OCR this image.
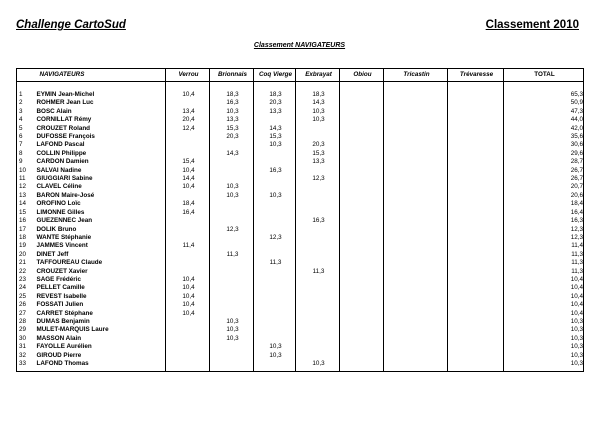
Challenge CartoSud	Classement 2010
Classement NAVIGATEURS
	NAVIGATEURS	Verrou	Brionnais	Coq Vierge	Exbrayat	Obiou	Tricastin	Trévaresse	TOTAL

1	EYMIN Jean-Michel	10,4	18,3	18,3	18,3				65,3
2	ROHMER Jean Luc		16,3	20,3	14,3				50,9
3	BOSC Alain	13,4	10,3	13,3	10,3				47,3
4	CORNILLAT Rémy	20,4	13,3		10,3				44,0
5	CROUZET Roland	12,4	15,3	14,3					42,0
6	DUFOSSE François		20,3	15,3					35,6
7	LAFOND Pascal			10,3	20,3				30,6
8	COLLIN Philippe		14,3		15,3				29,6
9	CARDON Damien	15,4			13,3				28,7
10	SALVAI Nadine	10,4		16,3					26,7
11	GIUGGIARI Sabine	14,4			12,3				26,7
12	CLAVEL Céline	10,4	10,3						20,7
13	BARON Maire-José		10,3	10,3					20,6
14	OROFINO Loïc	18,4							18,4
15	LIMONNE Gilles	16,4							16,4
16	GUEZENNEC Jean				16,3				16,3
17	DOLIK Bruno		12,3						12,3
18	WANTE Stéphanie			12,3					12,3
19	JAMMES Vincent	11,4							11,4
20	DINET Jeff		11,3						11,3
21	TAFFOUREAU Claude			11,3					11,3
22	CROUZET Xavier				11,3				11,3
23	SAGE Frédéric	10,4							10,4
24	PELLET Camille	10,4							10,4
25	REVEST Isabelle	10,4							10,4
26	FOSSATI Julien	10,4							10,4
27	CARRET Stéphane	10,4							10,4
28	DUMAS Benjamin		10,3						10,3
29	MULET-MARQUIS Laure		10,3						10,3
30	MASSON Alain		10,3						10,3
31	FAYOLLE Aurélien			10,3					10,3
32	GIROUD Pierre			10,3					10,3
33	LAFOND Thomas				10,3				10,3
